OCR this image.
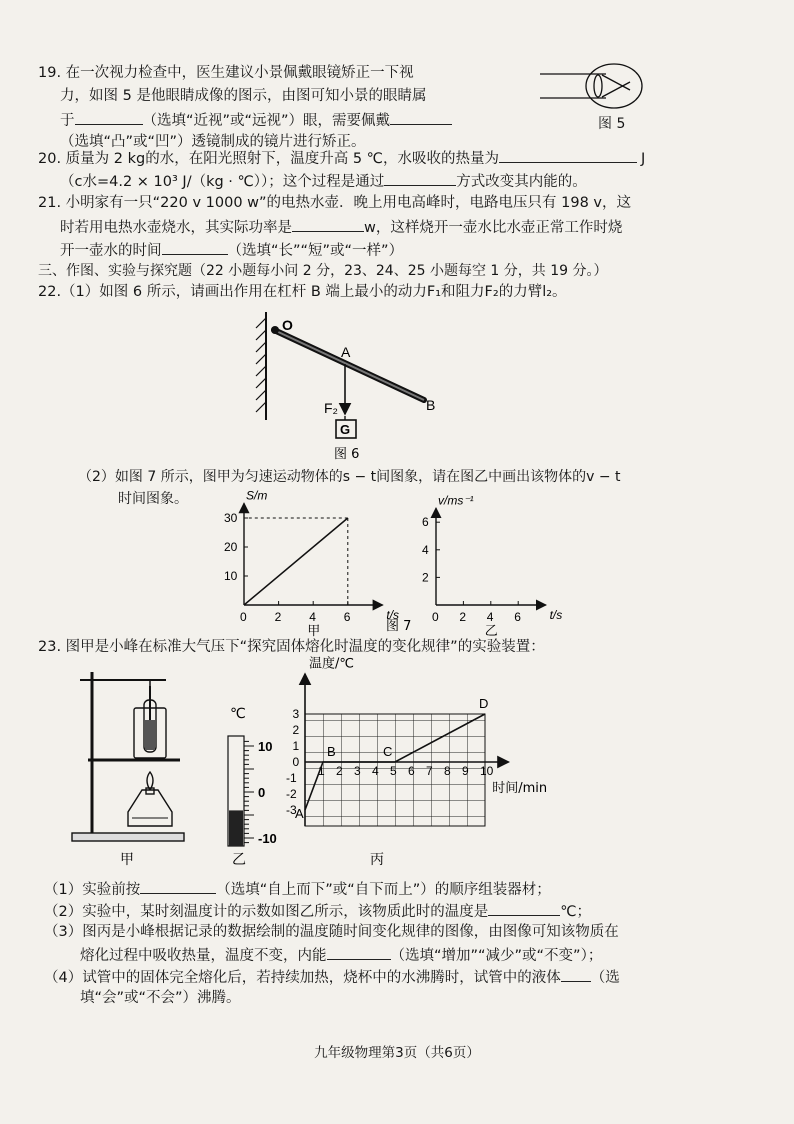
19. 在一次视力检查中，医生建议小景佩戴眼镜矫正一下视
力，如图 5 是他眼睛成像的图示，由图可知小景的眼睛属
于	（选填“近视”或“远视”）眼，需要佩戴
（选填“凸”或“凹”）透镜制成的镜片进行矫正。
图 5
20. 质量为 2 kg的水，在阳光照射下，温度升高 5 ℃，水吸收的热量为	J
（c水=4.2 × 10³ J/（kg · ℃））；这个过程是通过	方式改变其内能的。
21. 小明家有一只“220 v 1000 w”的电热水壶．晚上用电高峰时，电路电压只有 198 v，这
时若用电热水壶烧水，其实际功率是	w，这样烧开一壶水比水壶正常工作时烧
开一壶水的时间	（选填“长”“短”或“一样”）
三、作图、实验与探究题（22 小题每小问 2 分，23、24、25 小题每空 1 分，共 19 分。）
22.（1）如图 6 所示，请画出作用在杠杆 B 端上最小的动力F₁和阻力F₂的力臂l₂。
（2）如图 7 所示，图甲为匀速运动物体的s − t间图象，请在图乙中画出该物体的v − t
时间图象。
23. 图甲是小峰在标准大气压下“探究固体熔化时温度的变化规律”的实验装置：
（1）实验前按	（选填“自上而下”或“自下而上”）的顺序组装器材；
（2）实验中，某时刻温度计的示数如图乙所示，该物质此时的温度是	℃；
（3）图丙是小峰根据记录的数据绘制的温度随时间变化规律的图像，由图像可知该物质在
熔化过程中吸收热量，温度不变，内能	（选填“增加”“减少”或“不变”）；
（4）试管中的固体完全熔化后，若持续加热，烧杯中的水沸腾时，试管中的液体 （选
填“会”或“不会”）沸腾。
九年级物理第3页（共6页）
O
A
B
F₂
G
图 6
0 2 4 6
10
20
30
t/s
S/m
甲
0 2 4 6
2
4
6
t/s
v/ms⁻¹
乙
图 7
甲
10
0
-10
℃
乙
1 2 3 4 5 6 7 8 9 10
3
2
1
0
-1
-2
-3
时间/min
温度/℃
A
B	C
D
丙
